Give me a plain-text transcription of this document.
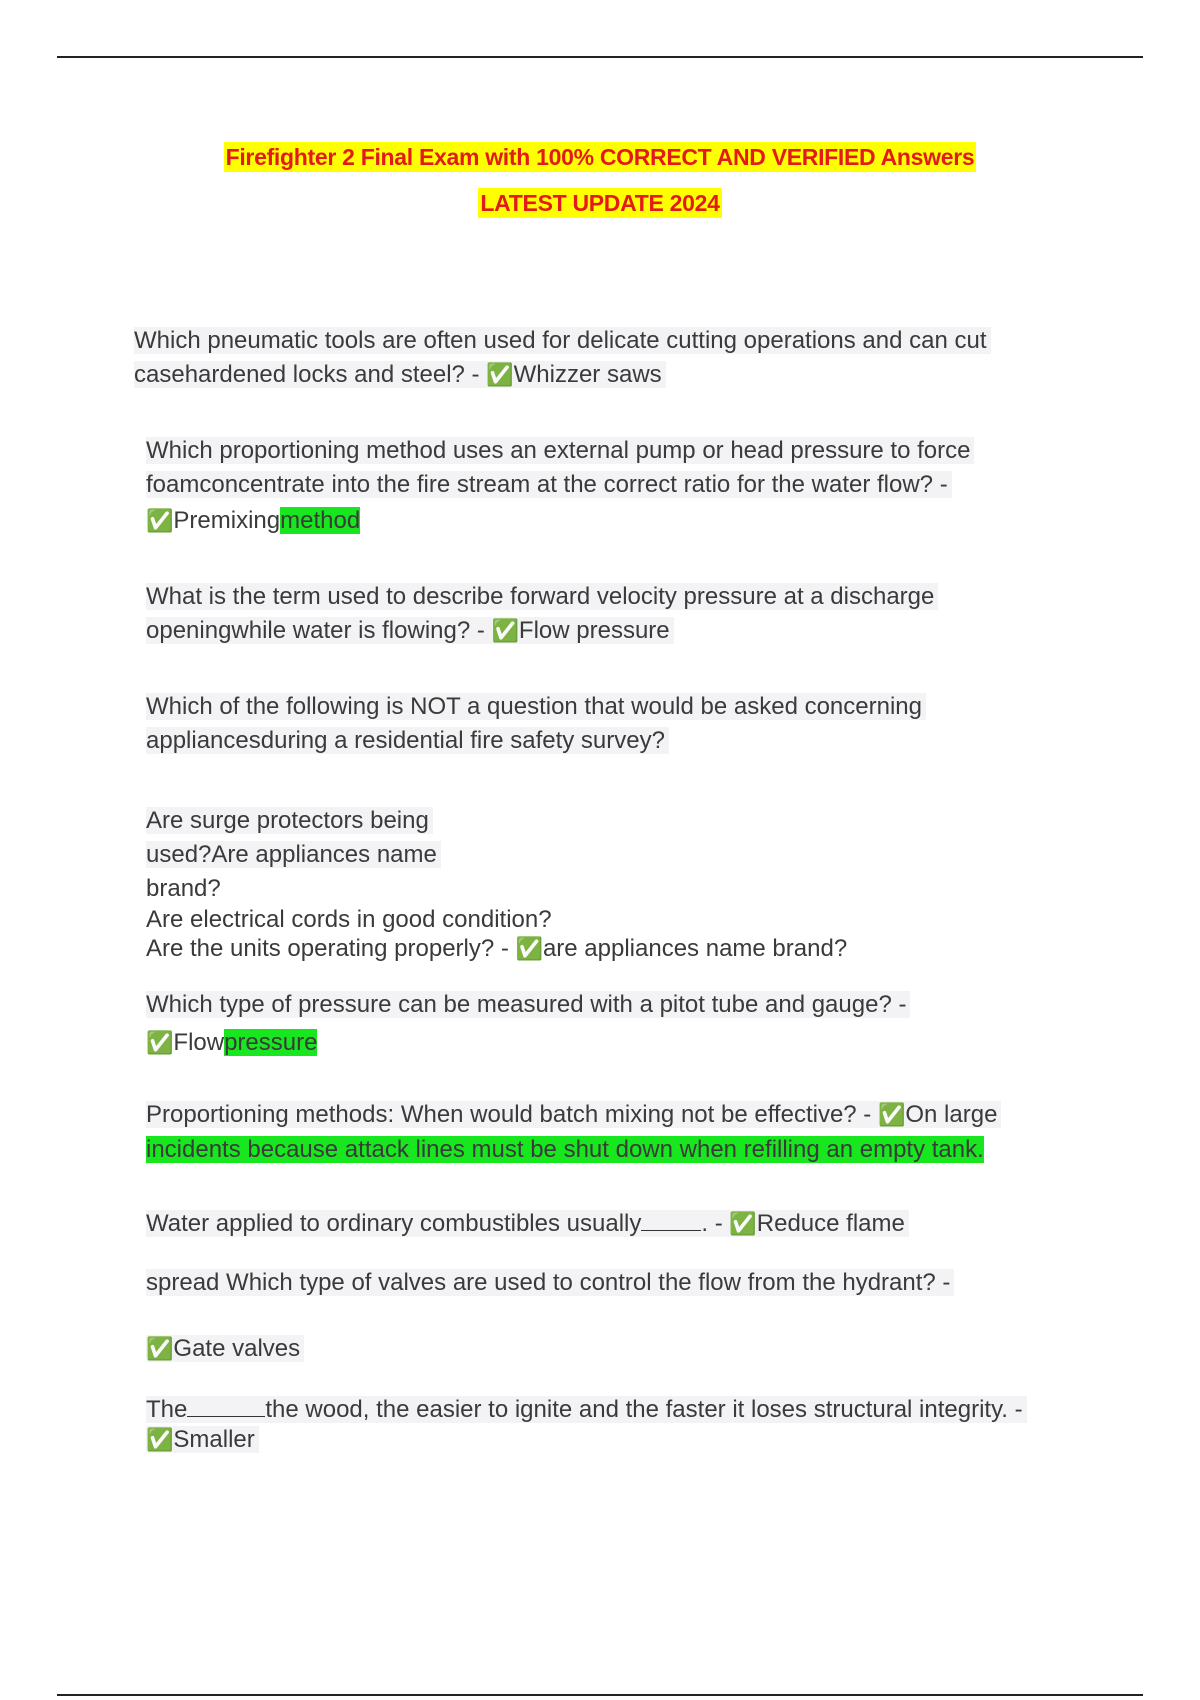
Firefighter 2 Final Exam with 100% CORRECT AND VERIFIED Answers
LATEST UPDATE 2024
Which pneumatic tools are often used for delicate cutting operations and can cut
casehardened locks and steel? - ✅Whizzer saws
Which proportioning method uses an external pump or head pressure to force
foamconcentrate into the fire stream at the correct ratio for the water flow? -
✅Premixingmethod
What is the term used to describe forward velocity pressure at a discharge
openingwhile water is flowing? - ✅Flow pressure
Which of the following is NOT a question that would be asked concerning
appliancesduring a residential fire safety survey?
Are surge protectors being
used?Are appliances name
brand?
Are electrical cords in good condition?
Are the units operating properly? - ✅are appliances name brand?
Which type of pressure can be measured with a pitot tube and gauge? -
✅Flowpressure
Proportioning methods: When would batch mixing not be effective? - ✅On large
incidents because attack lines must be shut down when refilling an empty tank.
Water applied to ordinary combustibles usually	. - ✅Reduce flame
spread Which type of valves are used to control the flow from the hydrant? -
✅Gate valves
The	the wood, the easier to ignite and the faster it loses structural integrity. -
✅Smaller
